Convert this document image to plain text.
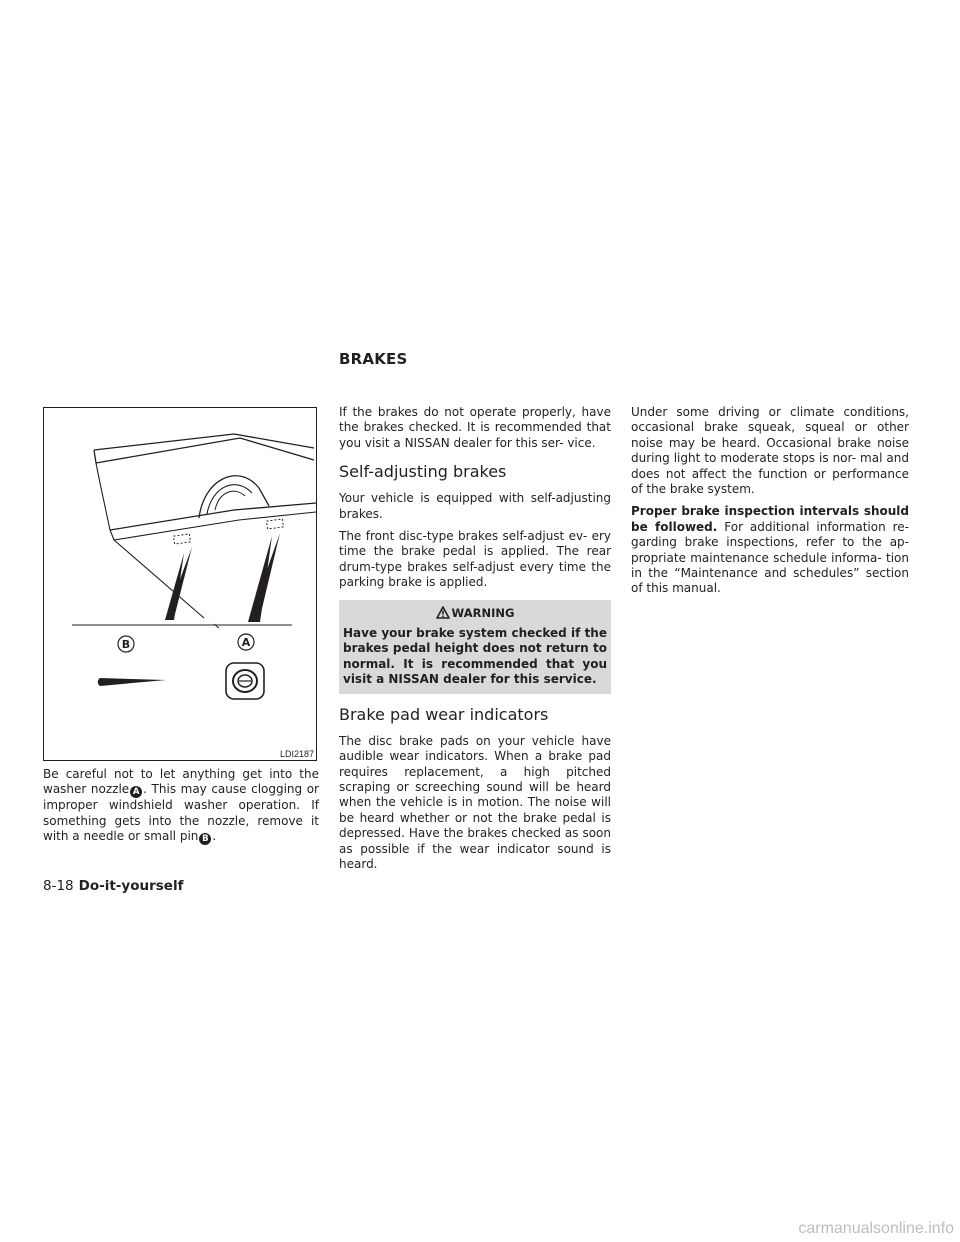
BRAKES
B	A
LDI2187

Be careful not to let anything get into the washer nozzle A . This may cause clogging or improper windshield washer operation. If something gets into the nozzle, remove it with a needle or small pin B .

If the brakes do not operate properly, have the brakes checked. It is recommended that you visit a NISSAN dealer for this ser- vice.

Self-adjusting brakes

Your vehicle is equipped with self-adjusting brakes.

The front disc-type brakes self-adjust ev- ery time the brake pedal is applied. The rear drum-type brakes self-adjust every time the parking brake is applied.

WARNING
Have your brake system checked if the brakes pedal height does not return to normal. It is recommended that you visit a NISSAN dealer for this service.
Brake pad wear indicators

The disc brake pads on your vehicle have audible wear indicators. When a brake pad requires replacement, a high pitched scraping or screeching sound will be heard when the vehicle is in motion. The noise will be heard whether or not the brake pedal is depressed. Have the brakes checked as soon as possible if the wear indicator sound is heard.

Under some driving or climate conditions, occasional brake squeak, squeal or other noise may be heard. Occasional brake noise during light to moderate stops is nor- mal and does not affect the function or performance of the brake system.

Proper brake inspection intervals should be followed. For additional information re- garding brake inspections, refer to the ap- propriate maintenance schedule informa- tion in the “Maintenance and schedules” section of this manual.

8-18 Do-it-yourself
carmanualsonline.info
